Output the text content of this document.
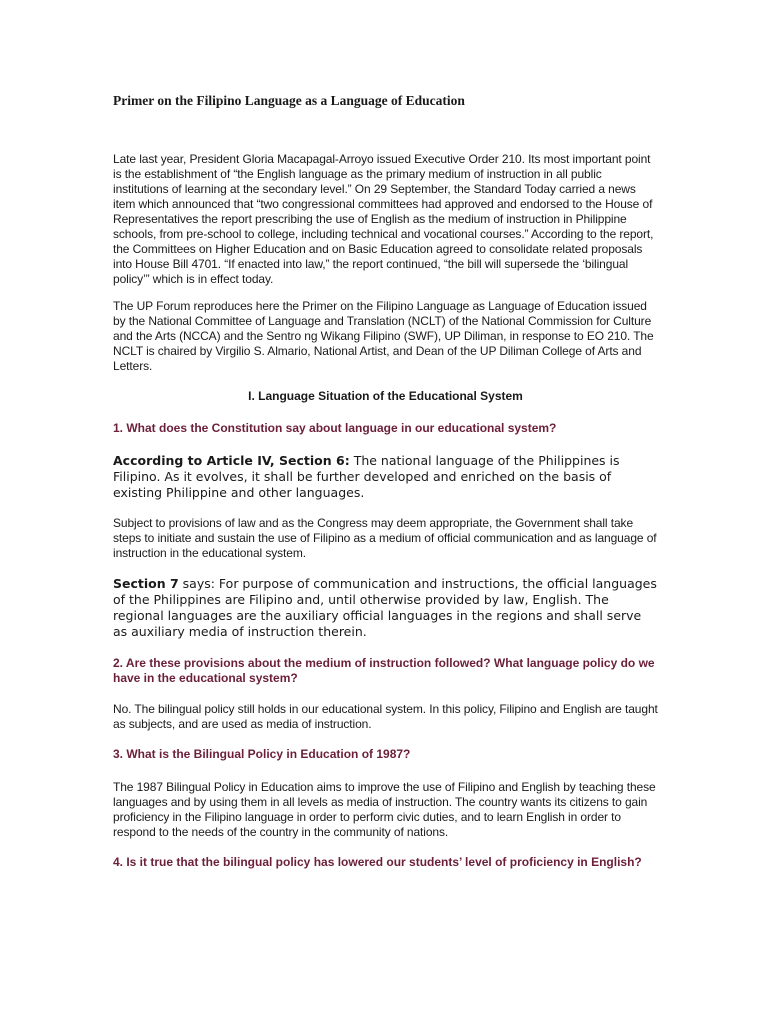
Primer on the Filipino Language as a Language of Education

Late last year, President Gloria Macapagal-Arroyo issued Executive Order 210. Its most important point is the establishment of “the English language as the primary medium of instruction in all public institutions of learning at the secondary level.” On 29 September, the Standard Today carried a news item which announced that “two congressional committees had approved and endorsed to the House of Representatives the report prescribing the use of English as the medium of instruction in Philippine schools, from pre-school to college, including technical and vocational courses.” According to the report, the Committees on Higher Education and on Basic Education agreed to consolidate related proposals into House Bill 4701. “If enacted into law,” the report continued, “the bill will supersede the ‘bilingual policy’” which is in effect today.

The UP Forum reproduces here the Primer on the Filipino Language as Language of Education issued by the National Committee of Language and Translation (NCLT) of the National Commission for Culture and the Arts (NCCA) and the Sentro ng Wikang Filipino (SWF), UP Diliman, in response to EO 210. The NCLT is chaired by Virgilio S. Almario, National Artist, and Dean of the UP Diliman College of Arts and Letters.

I. Language Situation of the Educational System

1. What does the Constitution say about language in our educational system?

According to Article IV, Section 6: The national language of the Philippines is Filipino. As it evolves, it shall be further developed and enriched on the basis of existing Philippine and other languages.

Subject to provisions of law and as the Congress may deem appropriate, the Government shall take steps to initiate and sustain the use of Filipino as a medium of official communication and as language of instruction in the educational system.

Section 7 says: For purpose of communication and instructions, the official languages of the Philippines are Filipino and, until otherwise provided by law, English. The regional languages are the auxiliary official languages in the regions and shall serve as auxiliary media of instruction therein.

2. Are these provisions about the medium of instruction followed? What language policy do we have in the educational system?

No. The bilingual policy still holds in our educational system. In this policy, Filipino and English are taught as subjects, and are used as media of instruction.

3. What is the Bilingual Policy in Education of 1987?

The 1987 Bilingual Policy in Education aims to improve the use of Filipino and English by teaching these languages and by using them in all levels as media of instruction. The country wants its citizens to gain proficiency in the Filipino language in order to perform civic duties, and to learn English in order to respond to the needs of the country in the community of nations.

4. Is it true that the bilingual policy has lowered our students’ level of proficiency in English?
